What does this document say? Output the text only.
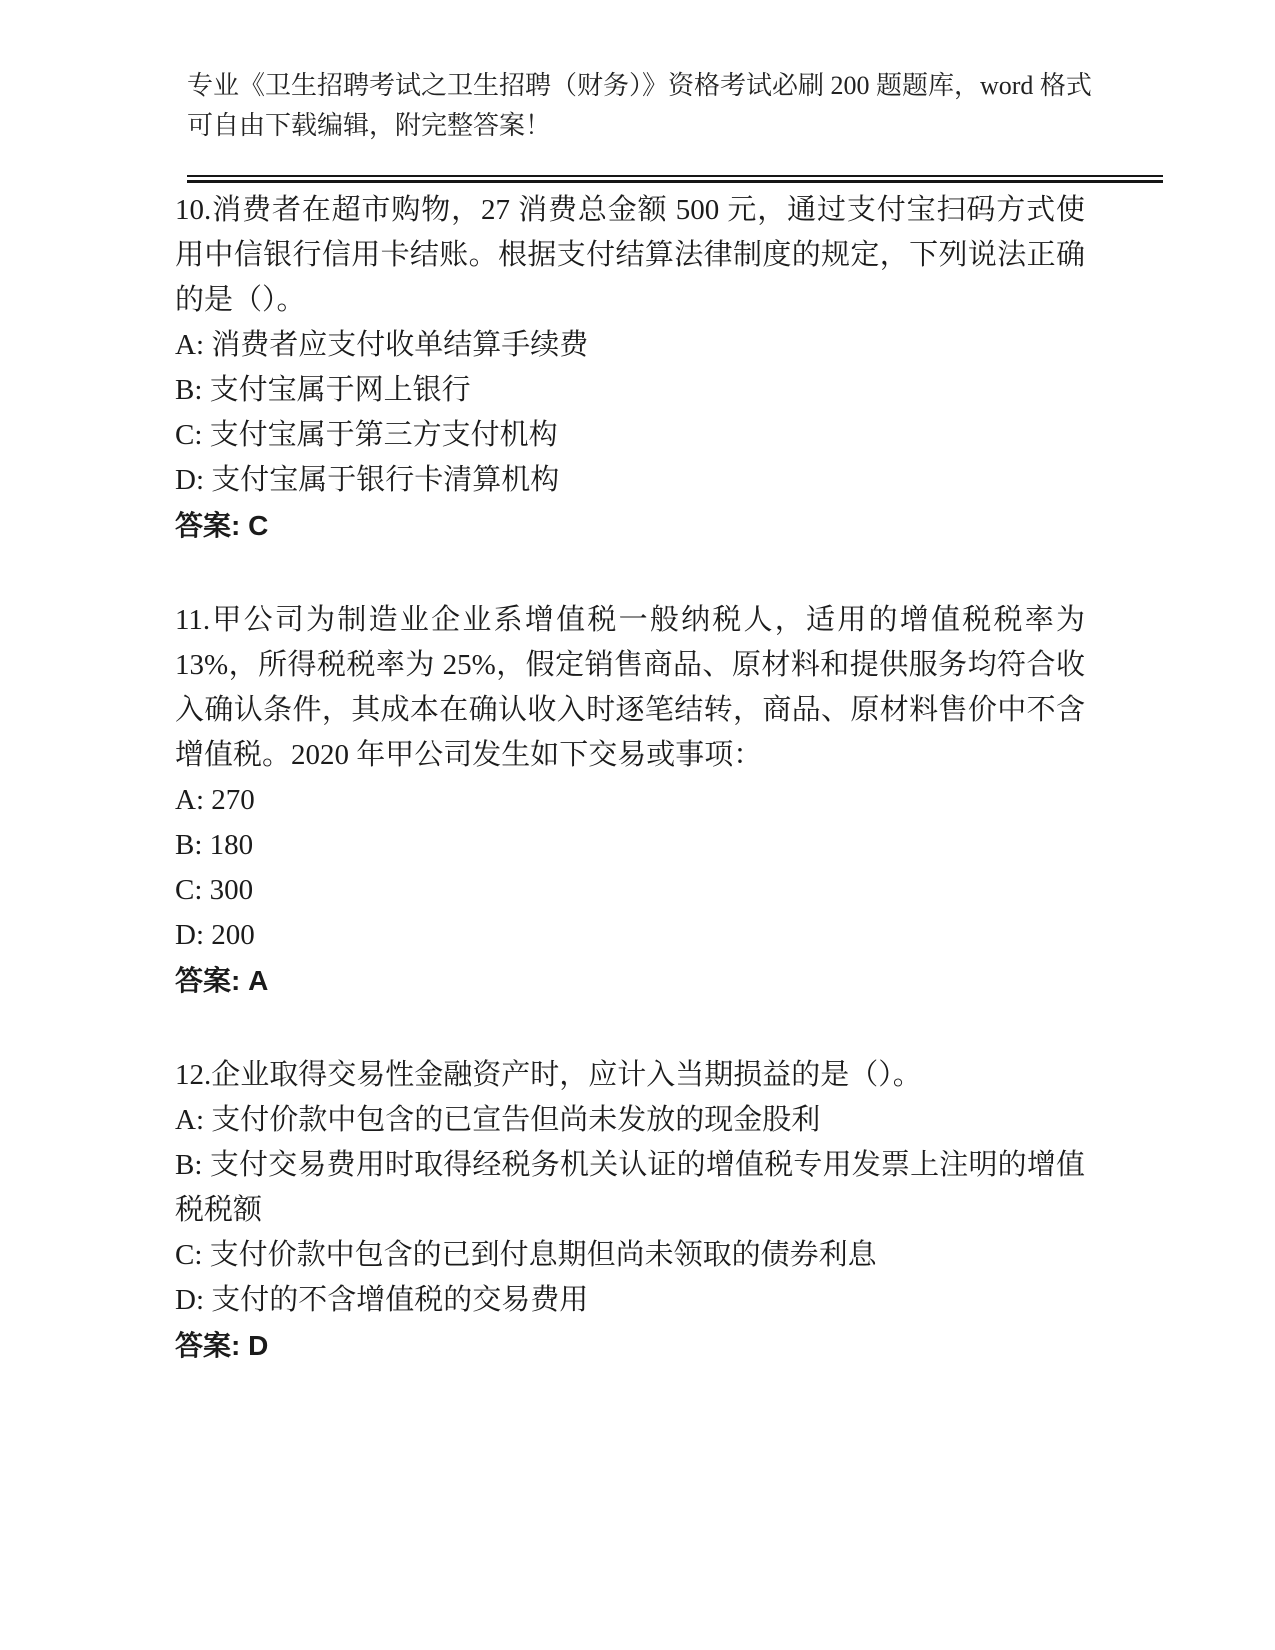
专业《卫生招聘考试之卫生招聘（财务）》资格考试必刷 200 题题库，word 格式
可自由下载编辑，附完整答案！

10.消费者在超市购物，27 消费总金额 500 元，通过支付宝扫码方式使用中信银行信用卡结账。根据支付结算法律制度的规定，下列说法正确的是（）。

A: 消费者应支付收单结算手续费

B: 支付宝属于网上银行

C: 支付宝属于第三方支付机构

D: 支付宝属于银行卡清算机构

答案: C

11.甲公司为制造业企业系增值税一般纳税人，适用的增值税税率为 13%，所得税税率为 25%，假定销售商品、原材料和提供服务均符合收入确认条件，其成本在确认收入时逐笔结转，商品、原材料售价中不含增值税。2020 年甲公司发生如下交易或事项：

A: 270

B: 180

C: 300

D: 200

答案: A

12.企业取得交易性金融资产时，应计入当期损益的是（）。

A: 支付价款中包含的已宣告但尚未发放的现金股利

B: 支付交易费用时取得经税务机关认证的增值税专用发票上注明的增值税税额

C: 支付价款中包含的已到付息期但尚未领取的债券利息

D: 支付的不含增值税的交易费用

答案: D
